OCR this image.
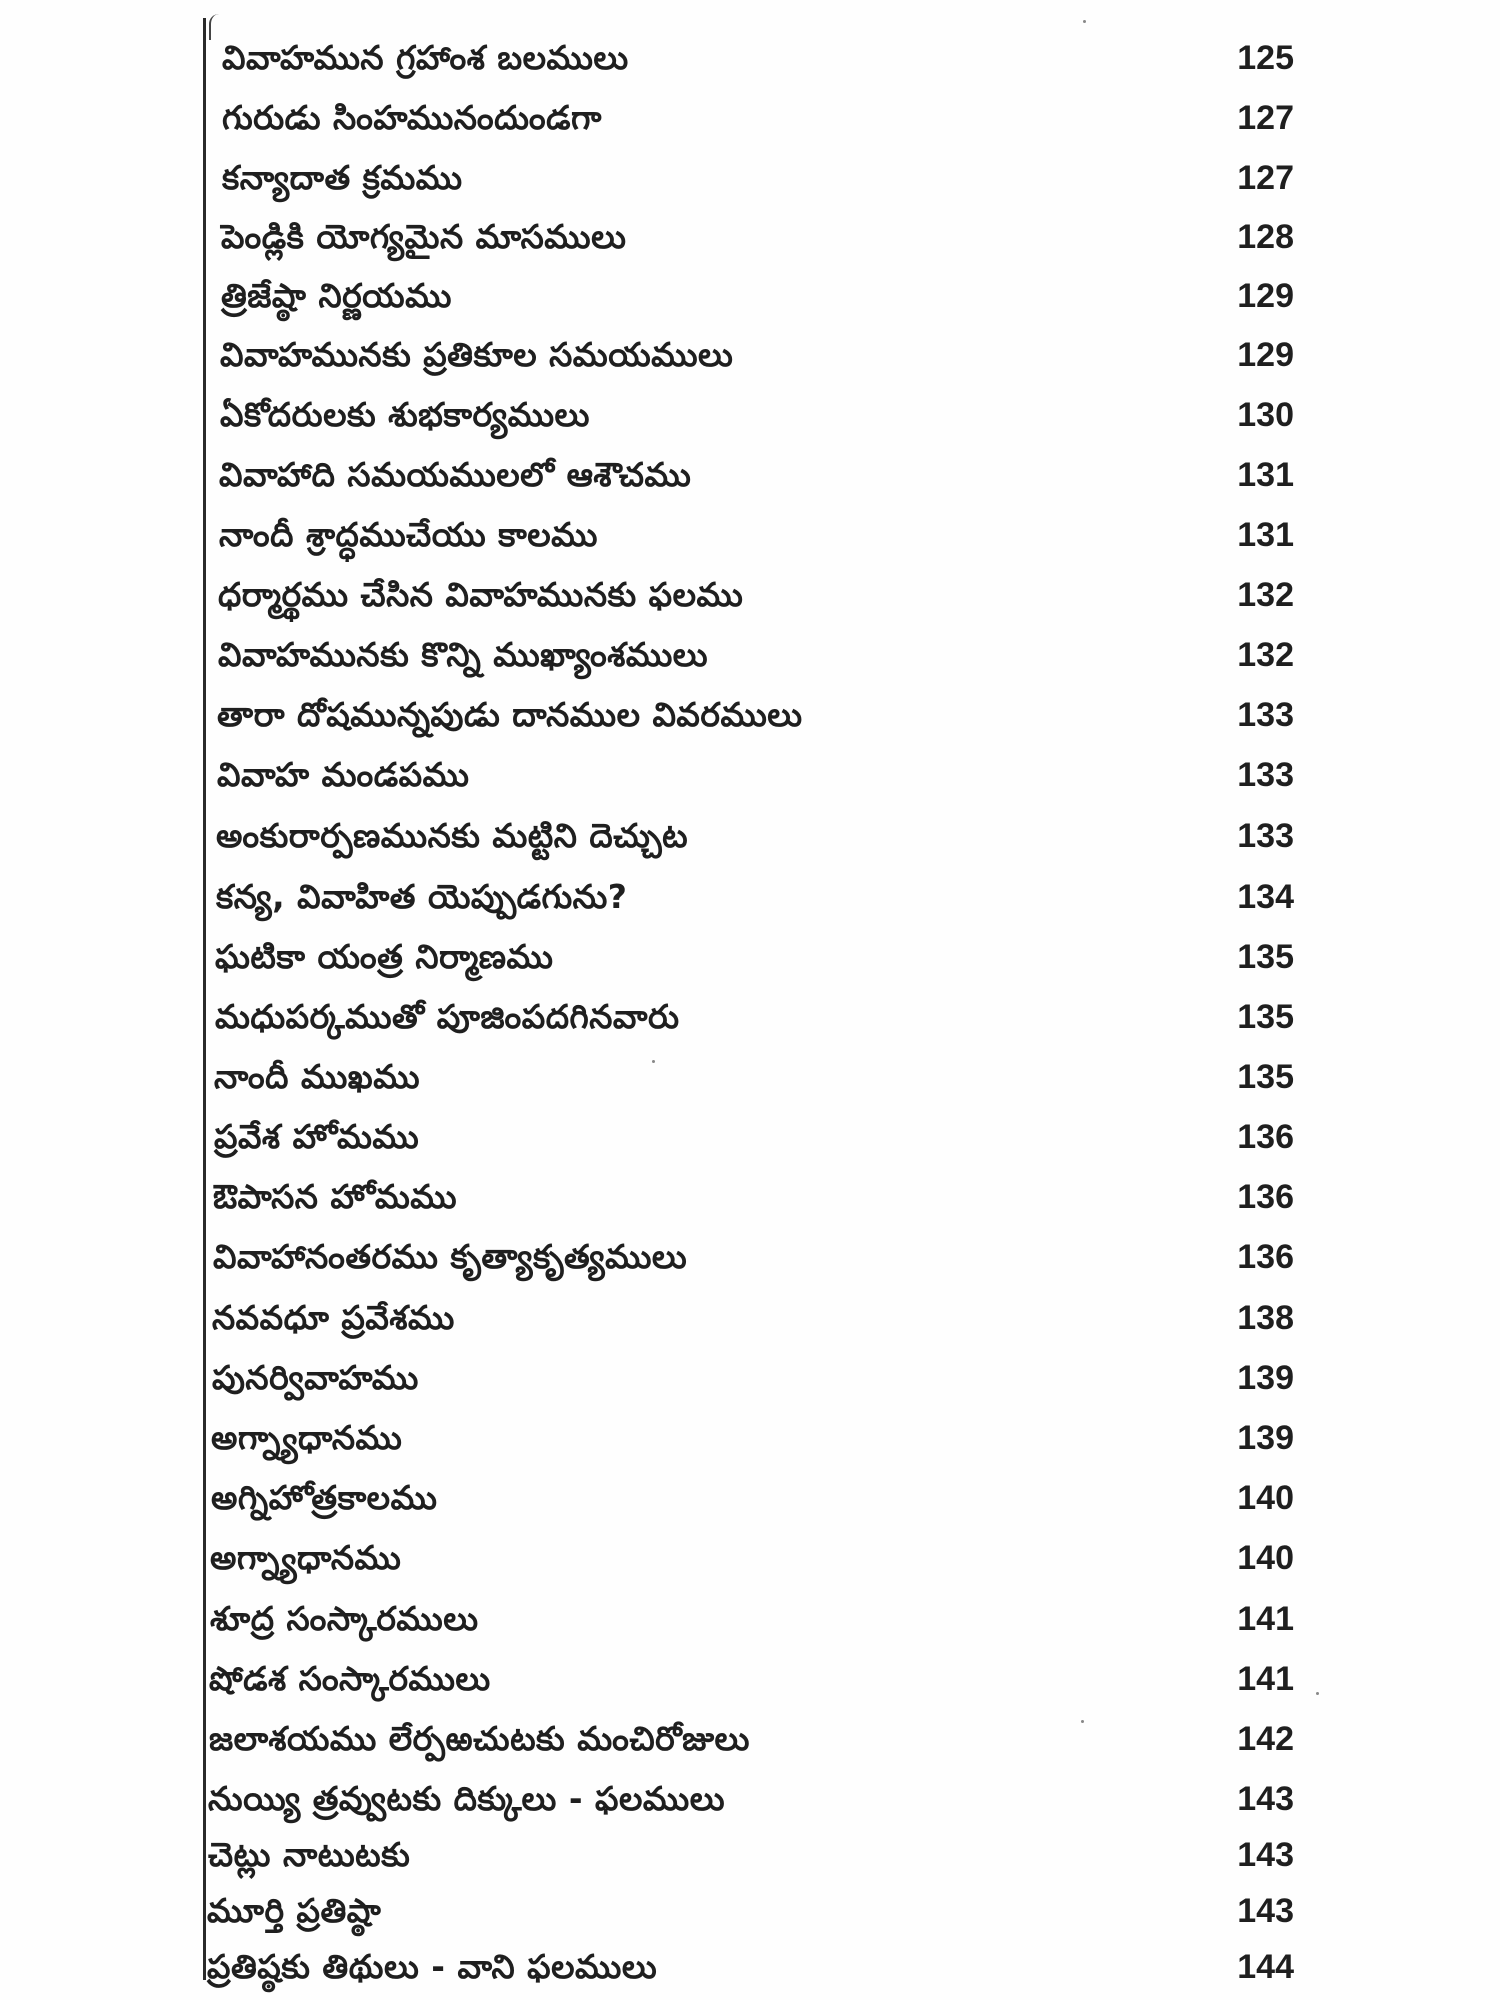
వివాహమున గ్రహాంశ బలములు	125
గురుడు సింహమునందుండగా	127
కన్యాదాత క్రమము	127
పెండ్లికి యోగ్యమైన మాసములు	128
త్రిజేష్ఠా నిర్ణయము	129
వివాహమునకు ప్రతికూల సమయములు	129
ఏకోదరులకు శుభకార్యములు	130
వివాహాది సమయములలో ఆశౌచము	131
నాందీ శ్రాద్ధముచేయు కాలము	131
ధర్మార్థము చేసిన వివాహమునకు ఫలము	132
వివాహమునకు కొన్ని ముఖ్యాంశములు	132
తారా దోషమున్నపుడు దానముల వివరములు	133
వివాహ మండపము	133
అంకురార్పణమునకు మట్టిని దెచ్చుట	133
కన్య, వివాహిత యెప్పుడగును?	134
ఘటికా యంత్ర నిర్మాణము	135
మధుపర్కముతో పూజింపదగినవారు	135
నాందీ ముఖము	135
ప్రవేశ హోమము	136
ఔపాసన హోమము	136
వివాహానంతరము కృత్యాకృత్యములు	136
నవవధూ ప్రవేశము	138
పునర్వివాహము	139
అగ్న్యాధానము	139
అగ్నిహోత్రకాలము	140
అగ్న్యాధానము	140
శూద్ర సంస్కారములు	141
షోడశ సంస్కారములు	141
జలాశయము లేర్పఱచుటకు మంచిరోజులు	142
నుయ్యి త్రవ్వుటకు దిక్కులు - ఫలములు	143
చెట్లు నాటుటకు	143
మూర్తి ప్రతిష్ఠా	143
ప్రతిష్ఠకు తిథులు - వాని ఫలములు	144
